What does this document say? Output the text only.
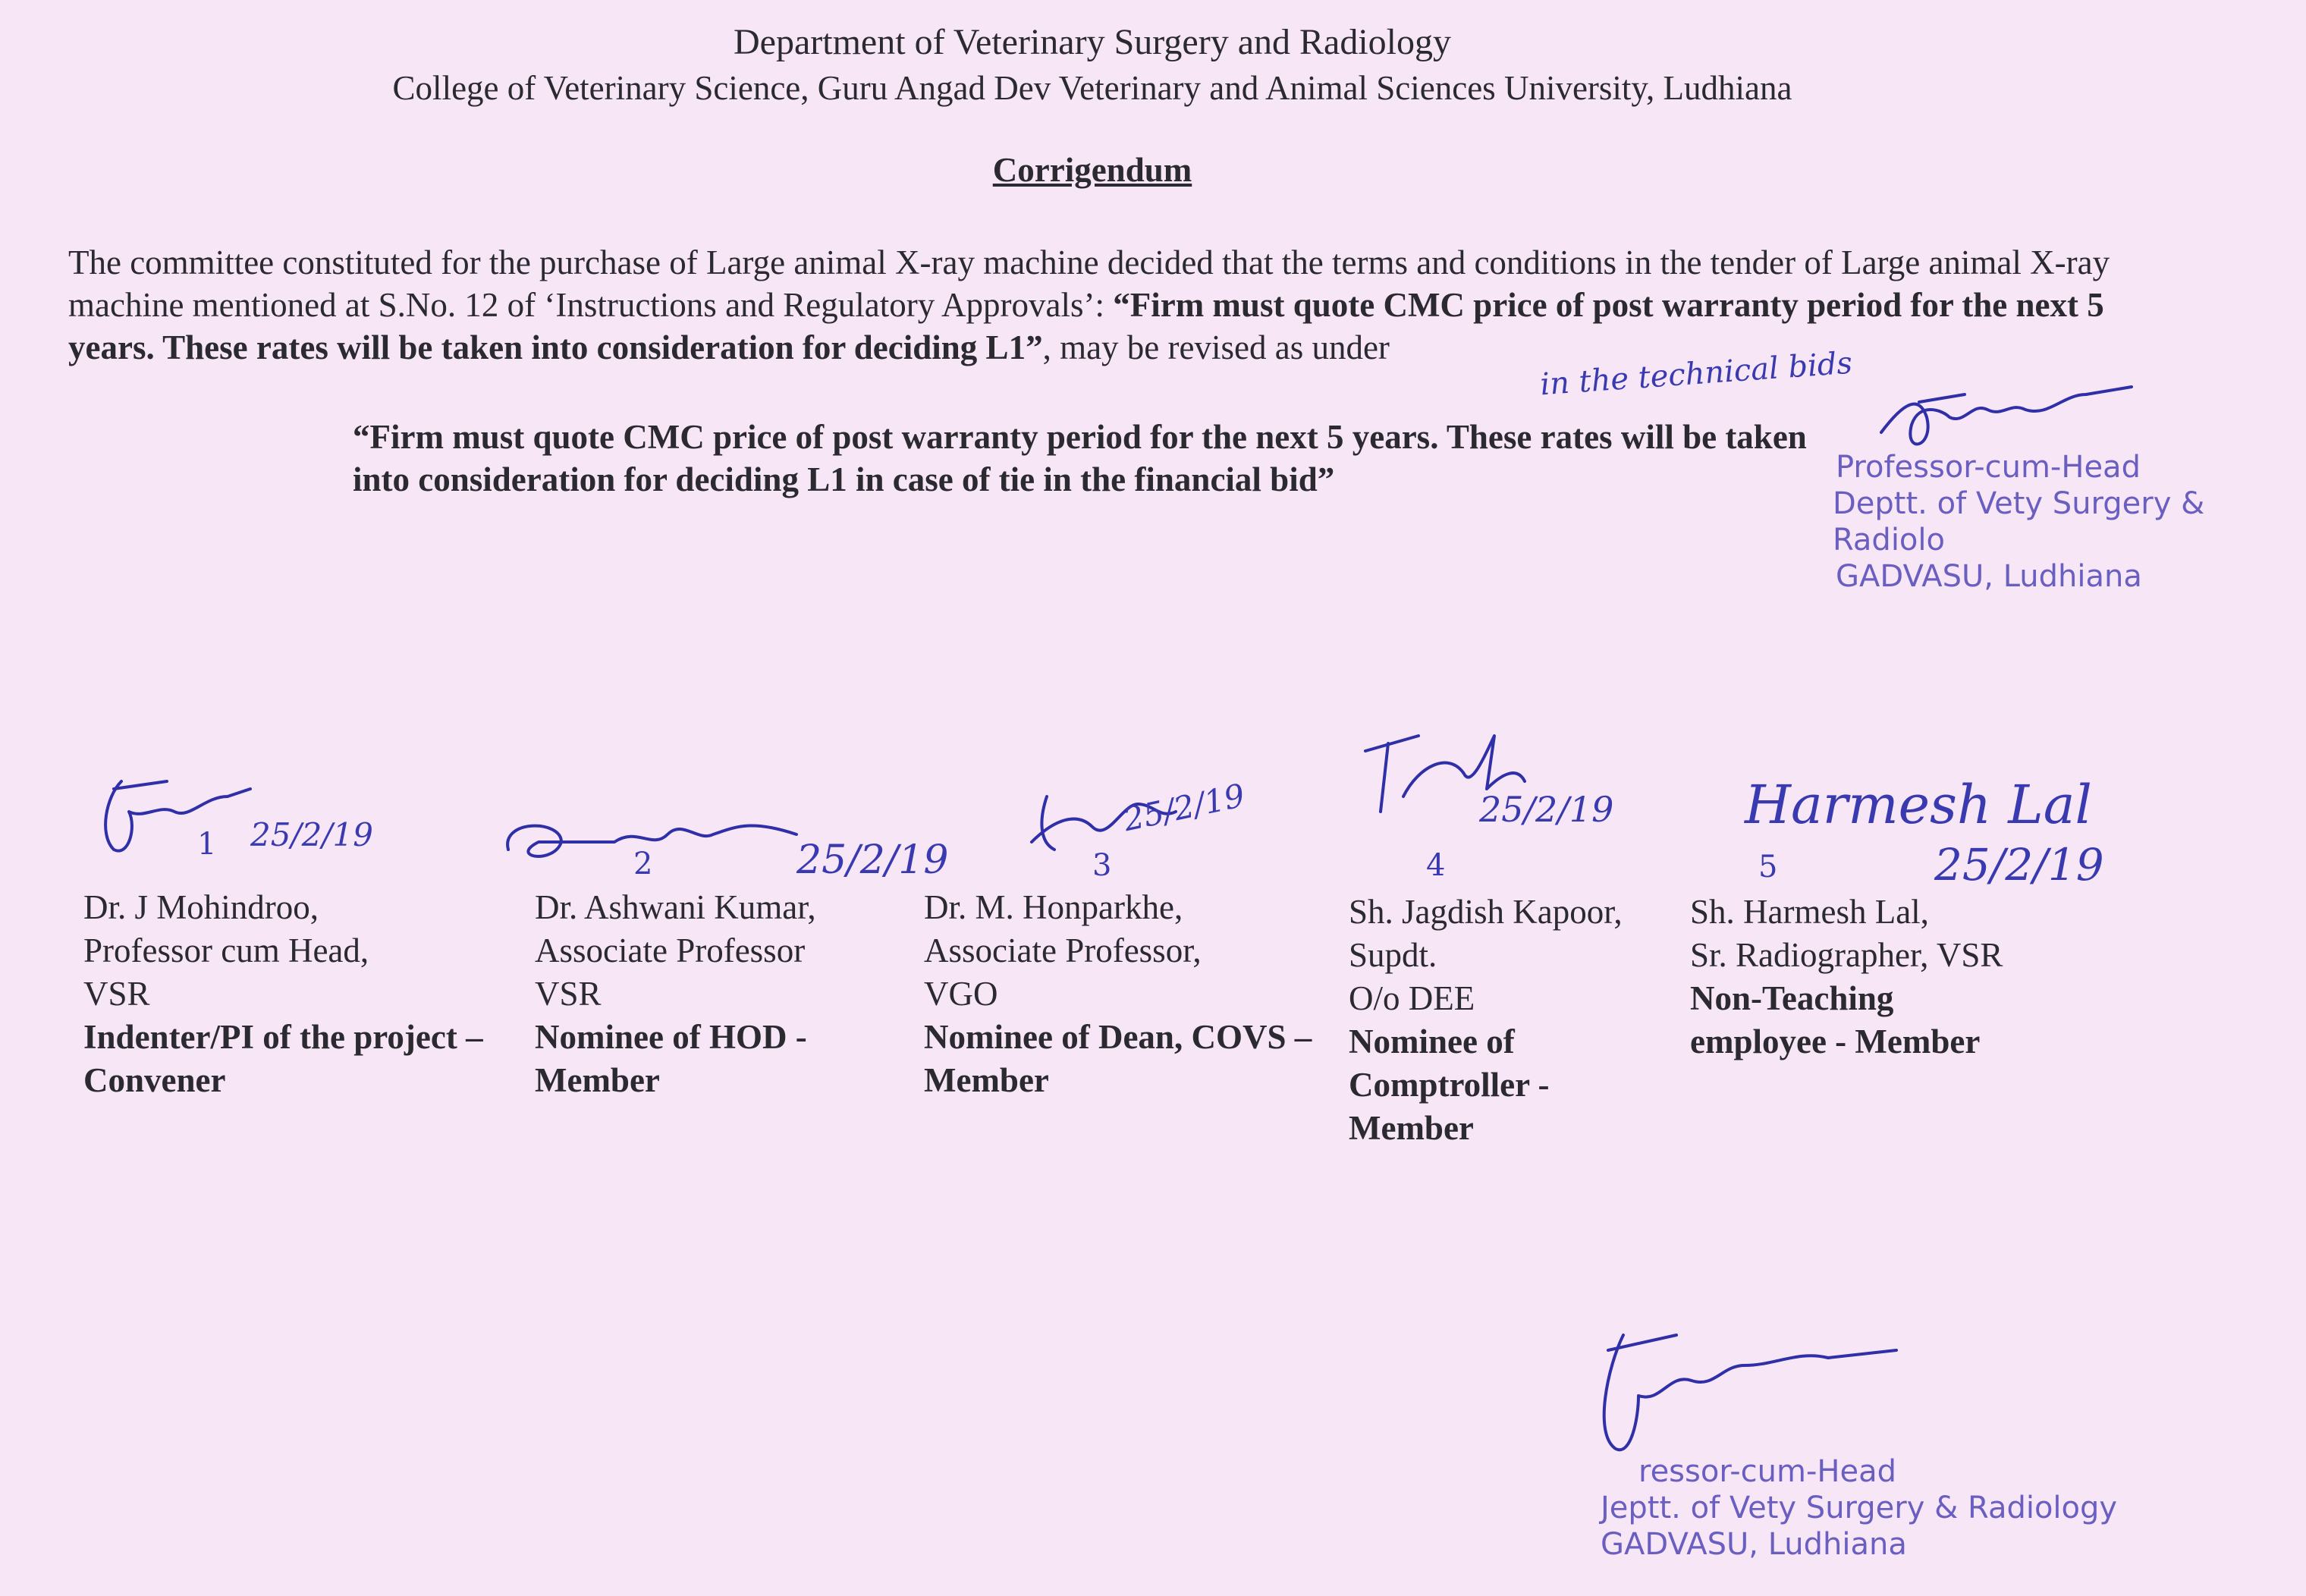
Department of Veterinary Surgery and Radiology
College of Veterinary Science, Guru Angad Dev Veterinary and Animal Sciences University, Ludhiana
Corrigendum
The committee constituted for the purchase of Large animal X-ray machine decided that the terms and conditions in the tender of Large animal X-ray machine mentioned at S.No. 12 of ‘Instructions and Regulatory Approvals’: “Firm must quote CMC price of post warranty period for the next 5 years. These rates will be taken into consideration for deciding L1”, may be revised as under	in the technical bids
“Firm must quote CMC price of post warranty period for the next 5 years. These rates will be taken into consideration for deciding L1 in case of tie in the financial bid”	Professor-cum-Head
Deptt. of Vety Surgery & Radiolo
GADVASU, Ludhiana
1 25/2/19
Dr. J Mohindroo,
Professor cum Head,
VSR
Indenter/PI of the project – Convener
2	25/2/19
Dr. Ashwani Kumar,
Associate Professor
VSR
Nominee of HOD - Member
3
25/2/19
Dr. M. Honparkhe,
Associate Professor,
VGO
Nominee of Dean, COVS – Member
4
25/2/19
Sh. Jagdish Kapoor,
Supdt.
O/o DEE
Nominee of Comptroller - Member
Harmesh Lal
5	25/2/19
Sh. Harmesh Lal,
Sr. Radiographer, VSR
Non-Teaching employee - Member
ressor-cum-Head
Jeptt. of Vety Surgery & Radiology
GADVASU, Ludhiana
